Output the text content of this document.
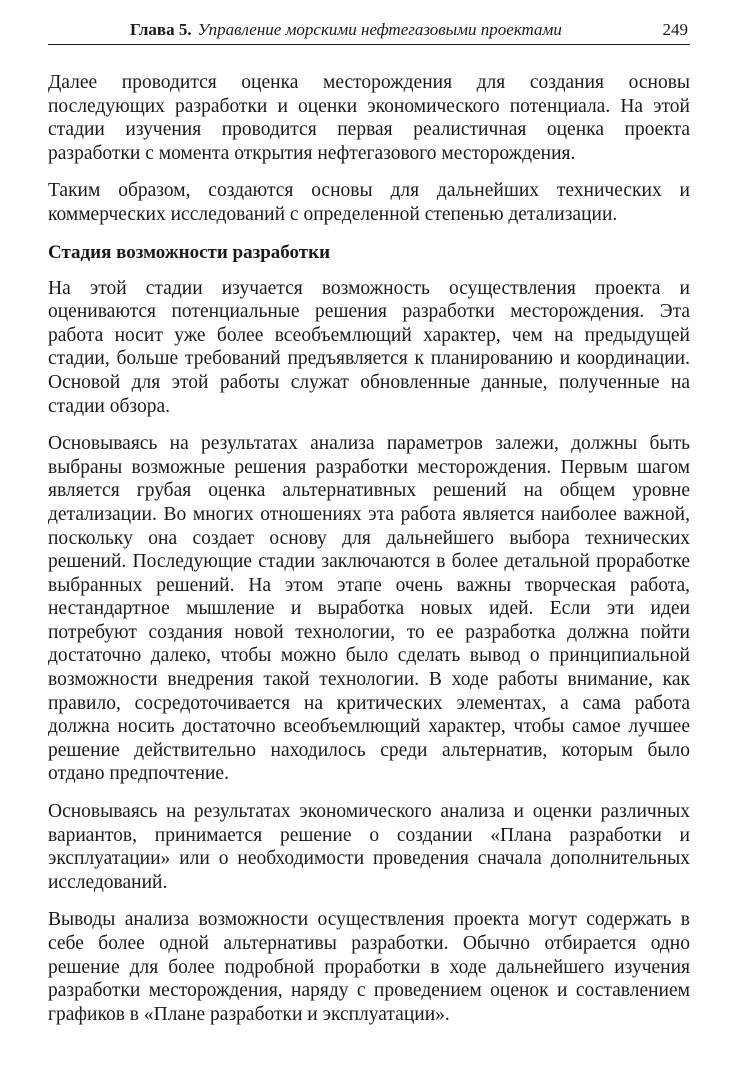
Глава 5. Управление морскими нефтегазовыми проектами	249

Далее проводится оценка месторождения для создания основы последующих разработки и оценки экономического потенциала. На этой стадии изучения проводится первая реалистичная оценка проекта разработки с момента открытия нефтегазового месторождения.

Таким образом, создаются основы для дальнейших технических и коммерческих исследований с определенной степенью детализации.

Стадия возможности разработки

На этой стадии изучается возможность осуществления проекта и оцениваются потенциальные решения разработки месторождения. Эта работа носит уже более всеобъемлющий характер, чем на предыдущей стадии, больше требований предъявляется к планированию и координации. Основой для этой работы служат обновленные данные, полученные на стадии обзора.

Основываясь на результатах анализа параметров залежи, должны быть выбраны возможные решения разработки месторождения. Первым шагом является грубая оценка альтернативных решений на общем уровне детализации. Во многих отношениях эта работа является наиболее важной, поскольку она создает основу для дальнейшего выбора технических решений. Последующие стадии заключаются в более детальной проработке выбранных решений. На этом этапе очень важны творческая работа, нестандартное мышление и выработка новых идей. Если эти идеи потребуют создания новой технологии, то ее разработка должна пойти достаточно далеко, чтобы можно было сделать вывод о принципиальной возможности внедрения такой технологии. В ходе работы внимание, как правило, сосредоточивается на критических элементах, а сама работа должна носить достаточно всеобъемлющий характер, чтобы самое лучшее решение действительно находилось среди альтернатив, которым было отдано предпочтение.

Основываясь на результатах экономического анализа и оценки различных вариантов, принимается решение о создании «Плана разработки и эксплуатации» или о необходимости проведения сначала дополнительных исследований.

Выводы анализа возможности осуществления проекта могут содержать в себе более одной альтернативы разработки. Обычно отбирается одно решение для более подробной проработки в ходе дальнейшего изучения разработки месторождения, наряду с проведением оценок и составлением графиков в «Плане разработки и эксплуатации».
